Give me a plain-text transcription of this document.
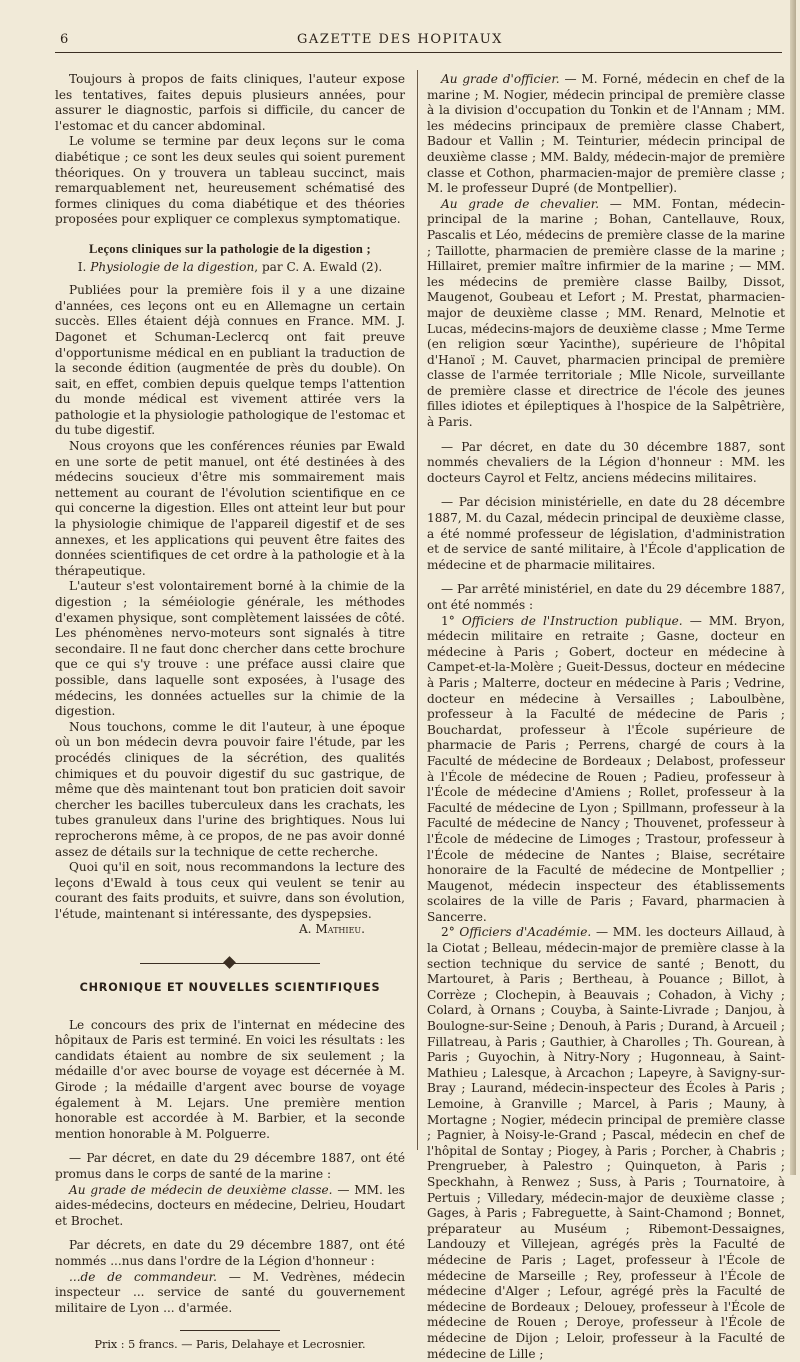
6	GAZETTE DES HOPITAUX

Toujours à propos de faits cliniques, l'auteur expose les tentatives, faites depuis plusieurs années, pour assurer le diagnostic, parfois si difficile, du cancer de l'estomac et du cancer abdominal.

Le volume se termine par deux leçons sur le coma diabétique ; ce sont les deux seules qui soient purement théoriques. On y trouvera un tableau succinct, mais remarquablement net, heureusement schématisé des formes cliniques du coma diabétique et des théories proposées pour expliquer ce complexus symptomatique.

Leçons cliniques sur la pathologie de la digestion ;
I. Physiologie de la digestion, par C. A. Ewald (2).

Publiées pour la première fois il y a une dizaine d'années, ces leçons ont eu en Allemagne un certain succès. Elles étaient déjà connues en France. MM. J. Dagonet et Schuman-Leclercq ont fait preuve d'opportunisme médical en en publiant la traduction de la seconde édition (augmentée de près du double). On sait, en effet, combien depuis quelque temps l'attention du monde médical est vivement attirée vers la pathologie et la physiologie pathologique de l'estomac et du tube digestif.

Nous croyons que les conférences réunies par Ewald en une sorte de petit manuel, ont été destinées à des médecins soucieux d'être mis sommairement mais nettement au courant de l'évolution scientifique en ce qui concerne la digestion. Elles ont atteint leur but pour la physiologie chimique de l'appareil digestif et de ses annexes, et les applications qui peuvent être faites des données scientifiques de cet ordre à la pathologie et à la thérapeutique.

L'auteur s'est volontairement borné à la chimie de la digestion ; la séméiologie générale, les méthodes d'examen physique, sont complètement laissées de côté. Les phénomènes nervo-moteurs sont signalés à titre secondaire. Il ne faut donc chercher dans cette brochure que ce qui s'y trouve : une préface aussi claire que possible, dans laquelle sont exposées, à l'usage des médecins, les données actuelles sur la chimie de la digestion.

Nous touchons, comme le dit l'auteur, à une époque où un bon médecin devra pouvoir faire l'étude, par les procédés cliniques de la sécrétion, des qualités chimiques et du pouvoir digestif du suc gastrique, de même que dès maintenant tout bon praticien doit savoir chercher les bacilles tuberculeux dans les crachats, les tubes granuleux dans l'urine des brightiques. Nous lui reprocherons même, à ce propos, de ne pas avoir donné assez de détails sur la technique de cette recherche.

Quoi qu'il en soit, nous recommandons la lecture des leçons d'Ewald à tous ceux qui veulent se tenir au courant des faits produits, et suivre, dans son évolution, l'étude, maintenant si intéressante, des dyspepsies.

A. Mathieu.
CHRONIQUE ET NOUVELLES SCIENTIFIQUES

Le concours des prix de l'internat en médecine des hôpitaux de Paris est terminé. En voici les résultats : les candidats étaient au nombre de six seulement ; la médaille d'or avec bourse de voyage est décernée à M. Girode ; la médaille d'argent avec bourse de voyage également à M. Lejars. Une première mention honorable est accordée à M. Barbier, et la seconde mention honorable à M. Polguerre.

— Par décret, en date du 29 décembre 1887, ont été promus dans le corps de santé de la marine :

Au grade de médecin de deuxième classe. — MM. les aides-médecins, docteurs en médecine, Delrieu, Houdart et Brochet.

Par décrets, en date du 29 décembre 1887, ont été nommés ...nus dans l'ordre de la Légion d'honneur :

...de de commandeur. — M. Vedrènes, médecin inspecteur ... service de santé du gouvernement militaire de Lyon ... d'armée.

Prix : 5 francs. — Paris, Delahaye et Lecrosnier.

Au grade d'officier. — M. Forné, médecin en chef de la marine ; M. Nogier, médecin principal de première classe à la division d'occupation du Tonkin et de l'Annam ; MM. les médecins principaux de première classe Chabert, Badour et Vallin ; M. Teinturier, médecin principal de deuxième classe ; MM. Baldy, médecin-major de première classe et Cothon, pharmacien-major de première classe ; M. le professeur Dupré (de Montpellier).

Au grade de chevalier. — MM. Fontan, médecin-principal de la marine ; Bohan, Cantellauve, Roux, Pascalis et Léo, médecins de première classe de la marine ; Taillotte, pharmacien de première classe de la marine ; Hillairet, premier maître infirmier de la marine ; — MM. les médecins de première classe Bailby, Dissot, Maugenot, Goubeau et Lefort ; M. Prestat, pharmacien-major de deuxième classe ; MM. Renard, Melnotie et Lucas, médecins-majors de deuxième classe ; Mme Terme (en religion sœur Yacinthe), supérieure de l'hôpital d'Hanoï ; M. Cauvet, pharmacien principal de première classe de l'armée territoriale ; Mlle Nicole, surveillante de première classe et directrice de l'école des jeunes filles idiotes et épileptiques à l'hospice de la Salpêtrière, à Paris.

— Par décret, en date du 30 décembre 1887, sont nommés chevaliers de la Légion d'honneur : MM. les docteurs Cayrol et Feltz, anciens médecins militaires.

— Par décision ministérielle, en date du 28 décembre 1887, M. du Cazal, médecin principal de deuxième classe, a été nommé professeur de législation, d'administration et de service de santé militaire, à l'École d'application de médecine et de pharmacie militaires.

— Par arrêté ministériel, en date du 29 décembre 1887, ont été nommés :

1° Officiers de l'Instruction publique. — MM. Bryon, médecin militaire en retraite ; Gasne, docteur en médecine à Paris ; Gobert, docteur en médecine à Campet-et-la-Molère ; Gueit-Dessus, docteur en médecine à Paris ; Malterre, docteur en médecine à Paris ; Vedrine, docteur en médecine à Versailles ; Laboulbène, professeur à la Faculté de médecine de Paris ; Bouchardat, professeur à l'École supérieure de pharmacie de Paris ; Perrens, chargé de cours à la Faculté de médecine de Bordeaux ; Delabost, professeur à l'École de médecine de Rouen ; Padieu, professeur à l'École de médecine d'Amiens ; Rollet, professeur à la Faculté de médecine de Lyon ; Spillmann, professeur à la Faculté de médecine de Nancy ; Thouvenet, professeur à l'École de médecine de Limoges ; Trastour, professeur à l'École de médecine de Nantes ; Blaise, secrétaire honoraire de la Faculté de médecine de Montpellier ; Maugenot, médecin inspecteur des établissements scolaires de la ville de Paris ; Favard, pharmacien à Sancerre.

2° Officiers d'Académie. — MM. les docteurs Aillaud, à la Ciotat ; Belleau, médecin-major de première classe à la section technique du service de santé ; Benott, du Martouret, à Paris ; Bertheau, à Pouance ; Billot, à Corrèze ; Clochepin, à Beauvais ; Cohadon, à Vichy ; Colard, à Ornans ; Couyba, à Sainte-Livrade ; Danjou, à Boulogne-sur-Seine ; Denouh, à Paris ; Durand, à Arcueil ; Fillatreau, à Paris ; Gauthier, à Charolles ; Th. Gourean, à Paris ; Guyochin, à Nitry-Nory ; Hugonneau, à Saint-Mathieu ; Lalesque, à Arcachon ; Lapeyre, à Savigny-sur-Bray ; Laurand, médecin-inspecteur des Écoles à Paris ; Lemoine, à Granville ; Marcel, à Paris ; Mauny, à Mortagne ; Nogier, médecin principal de première classe ; Pagnier, à Noisy-le-Grand ; Pascal, médecin en chef de l'hôpital de Sontay ; Piogey, à Paris ; Porcher, à Chabris ; Prengrueber, à Palestro ; Quinqueton, à Paris ; Speckhahn, à Renwez ; Suss, à Paris ; Tournatoire, à Pertuis ; Villedary, médecin-major de deuxième classe ; Gages, à Paris ; Fabreguette, à Saint-Chamond ; Bonnet, préparateur au Muséum ; Ribemont-Dessaignes, Landouzy et Villejean, agrégés près la Faculté de médecine de Paris ; Laget, professeur à l'École de médecine de Marseille ; Rey, professeur à l'École de médecine d'Alger ; Lefour, agrégé près la Faculté de médecine de Bordeaux ; Delouey, professeur à l'École de médecine de Rouen ; Deroye, professeur à l'École de médecine de Dijon ; Leloir, professeur à la Faculté de médecine de Lille ;
